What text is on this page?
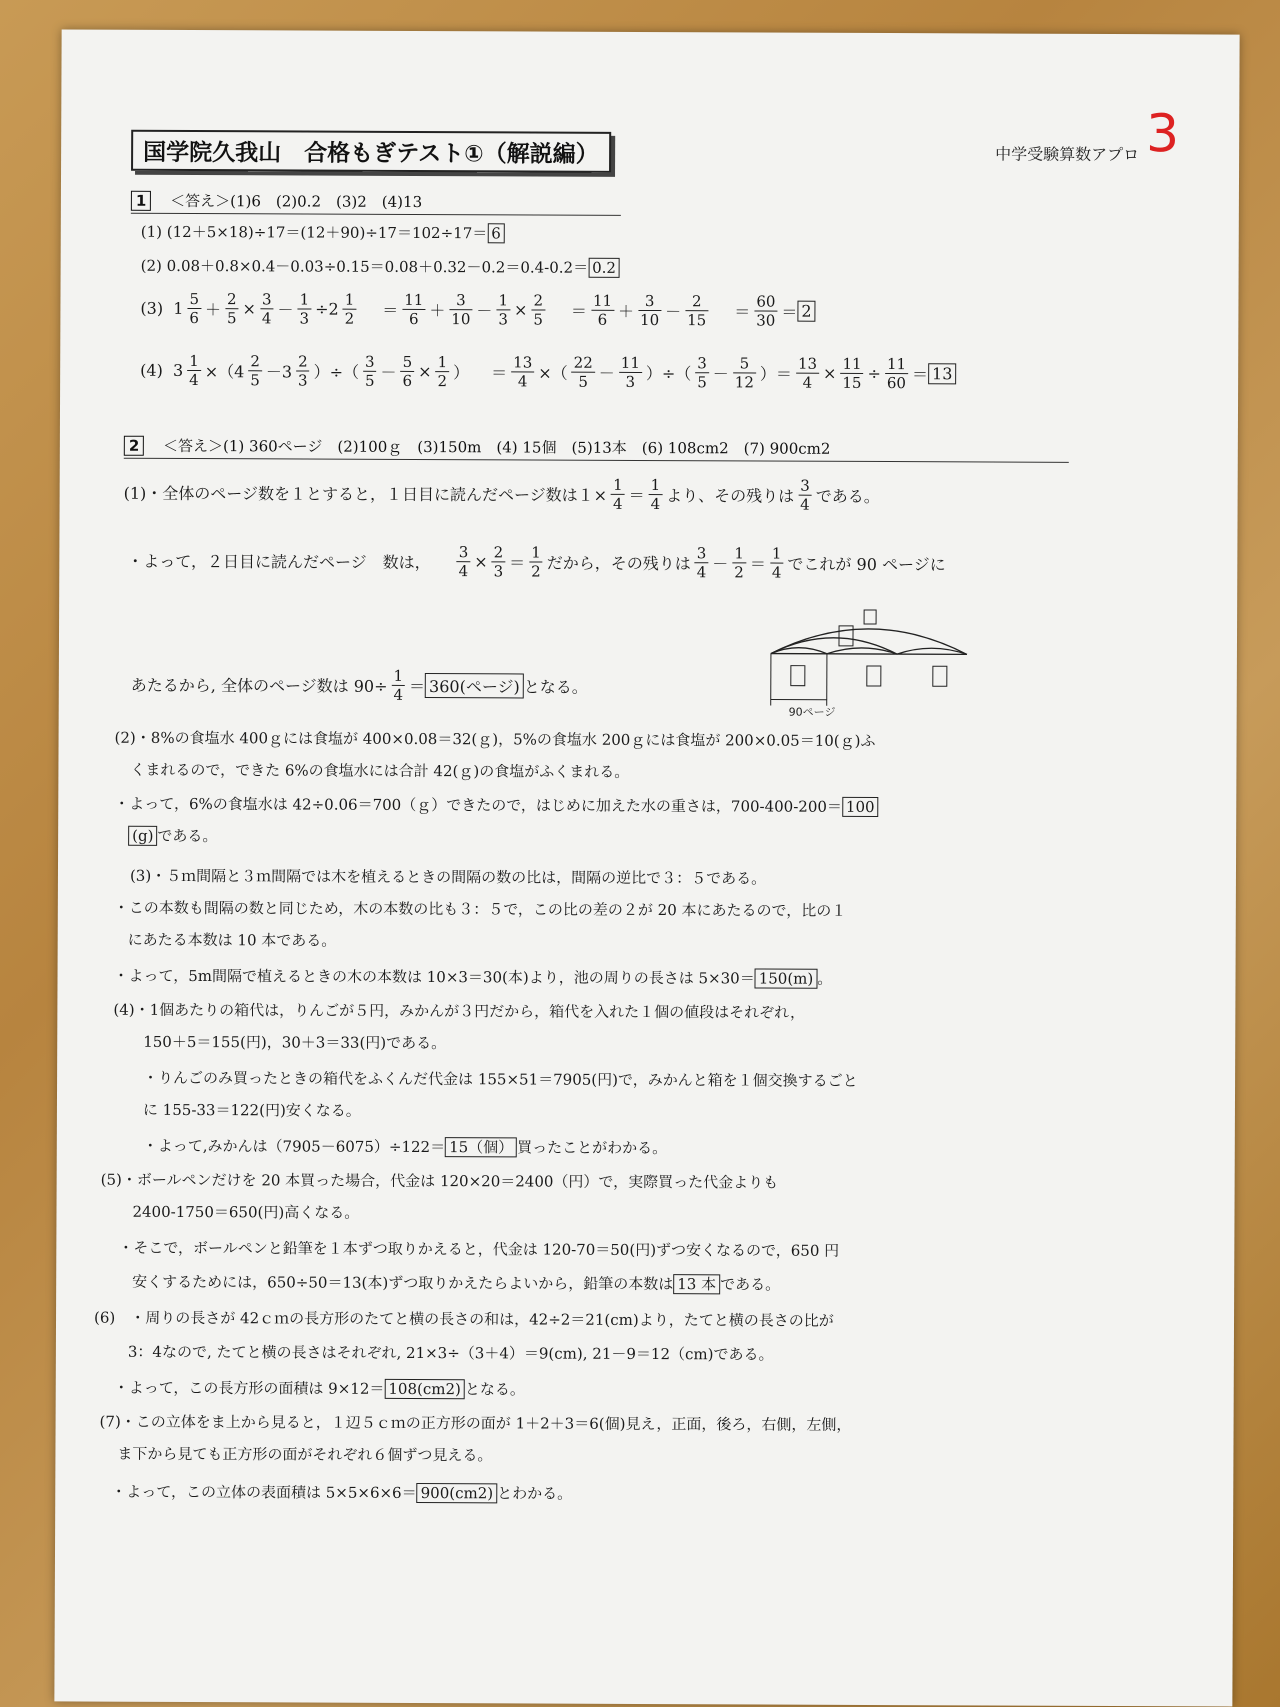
3
中学受験算数アプロ
国学院久我山　合格もぎテスト①（解説編）
1 ＜答え＞(1)6　(2)0.2　(3)2　(4)13
(1) (12＋5×18)÷17＝(12＋90)÷17＝102÷17＝ 6
(2) 0.08＋0.8×0.4－0.03÷0.15＝0.08＋0.32－0.2＝0.4-0.2＝ 0.2
(3) $1 \frac{5}{6} + \frac{2}{5} \times \frac{3}{4} - \frac{1}{3} \div 2 \frac{1}{2} = \frac{11}{6} + \frac{3}{10} - \frac{1}{3} \times \frac{2}{5} = \frac{11}{6} + \frac{3}{10} - \frac{2}{15} = \frac{60}{30} = 2$
(4) $3 \frac{1}{4} \times(4 \frac{2}{5} -3 \frac{2}{3}$ ）÷（ $\frac{3}{5} - \frac{5}{6} \times \frac{1}{2}$ ） ＝ $\frac{13}{4}$ ×（ $\frac{22}{5} - \frac{11}{3}$ ）÷（ $\frac{3}{5} - \frac{5}{12}$ ）＝ $\frac{13}{4} \times \frac{11}{15} \div \frac{11}{60} = 13$
2 ＜答え＞(1) 360ページ　(2)100ｇ　(3)150m　(4) 15個　(5)13本　(6) 108cm2　(7) 900cm2
(1)・全体のページ数を１とすると，１日目に読んだページ数は$1\times \frac{1}{4} = \frac{1}{4}$ より、その残りは $\frac{3}{4}$ である。
・よって，２日目に読んだページ　数は， $\frac{3}{4} \times \frac{2}{3} = \frac{1}{2}$ だから，その残りは $\frac{3}{4} - \frac{1}{2} = \frac{1}{4}$ でこれが 90 ページに
あたるから, 全体のページ数は $90\div \frac{1}{4} = 360$(ページ) となる。
90ページ
(2)・8%の食塩水 400ｇには食塩が 400×0.08＝32(ｇ)，5%の食塩水 200ｇには食塩が 200×0.05＝10(ｇ)ふ
くまれるので，できた 6%の食塩水には合計 42(ｇ)の食塩がふくまれる。
・よって，6%の食塩水は 42÷0.06＝700（ｇ）できたので，はじめに加えた水の重さは，700-400-200＝ 100
(g) である。
(3)・５ｍ間隔と３ｍ間隔では木を植えるときの間隔の数の比は，間隔の逆比で３：５である。
・この本数も間隔の数と同じため，木の本数の比も３：５で，この比の差の２が 20 本にあたるので，比の１
にあたる本数は 10 本である。
・よって，5m間隔で植えるときの木の本数は 10×3＝30(本)より，池の周りの長さは 5×30＝ 150(m) 。
(4)・1個あたりの箱代は，りんごが５円，みかんが３円だから，箱代を入れた１個の値段はそれぞれ，
150＋5＝155(円)，30＋3＝33(円)である。
・りんごのみ買ったときの箱代をふくんだ代金は 155×51＝7905(円)で，みかんと箱を１個交換するごと
に 155-33＝122(円)安くなる。
・よって,みかんは（7905－6075）÷122＝ 15（個） 買ったことがわかる。
(5)・ボールペンだけを 20 本買った場合，代金は 120×20＝2400（円）で，実際買った代金よりも
2400-1750＝650(円)高くなる。
・そこで，ボールペンと鉛筆を１本ずつ取りかえると，代金は 120-70＝50(円)ずつ安くなるので，650 円
安くするためには，650÷50＝13(本)ずつ取りかえたらよいから，鉛筆の本数は 13 本 である。
(6)　・周りの長さが 42ｃｍの長方形のたてと横の長さの和は，42÷2＝21(cm)より，たてと横の長さの比が
3：4なので, たてと横の長さはそれぞれ, 21×3÷（3＋4）＝9(cm), 21－9＝12（cm)である。
・よって，この長方形の面積は 9×12＝ 108(cm2) となる。
(7)・この立体をま上から見ると，１辺５ｃｍの正方形の面が 1＋2＋3＝6(個)見え，正面，後ろ，右側，左側，
ま下から見ても正方形の面がそれぞれ６個ずつ見える。
・よって，この立体の表面積は 5×5×6×6＝ 900(cm2) とわかる。
